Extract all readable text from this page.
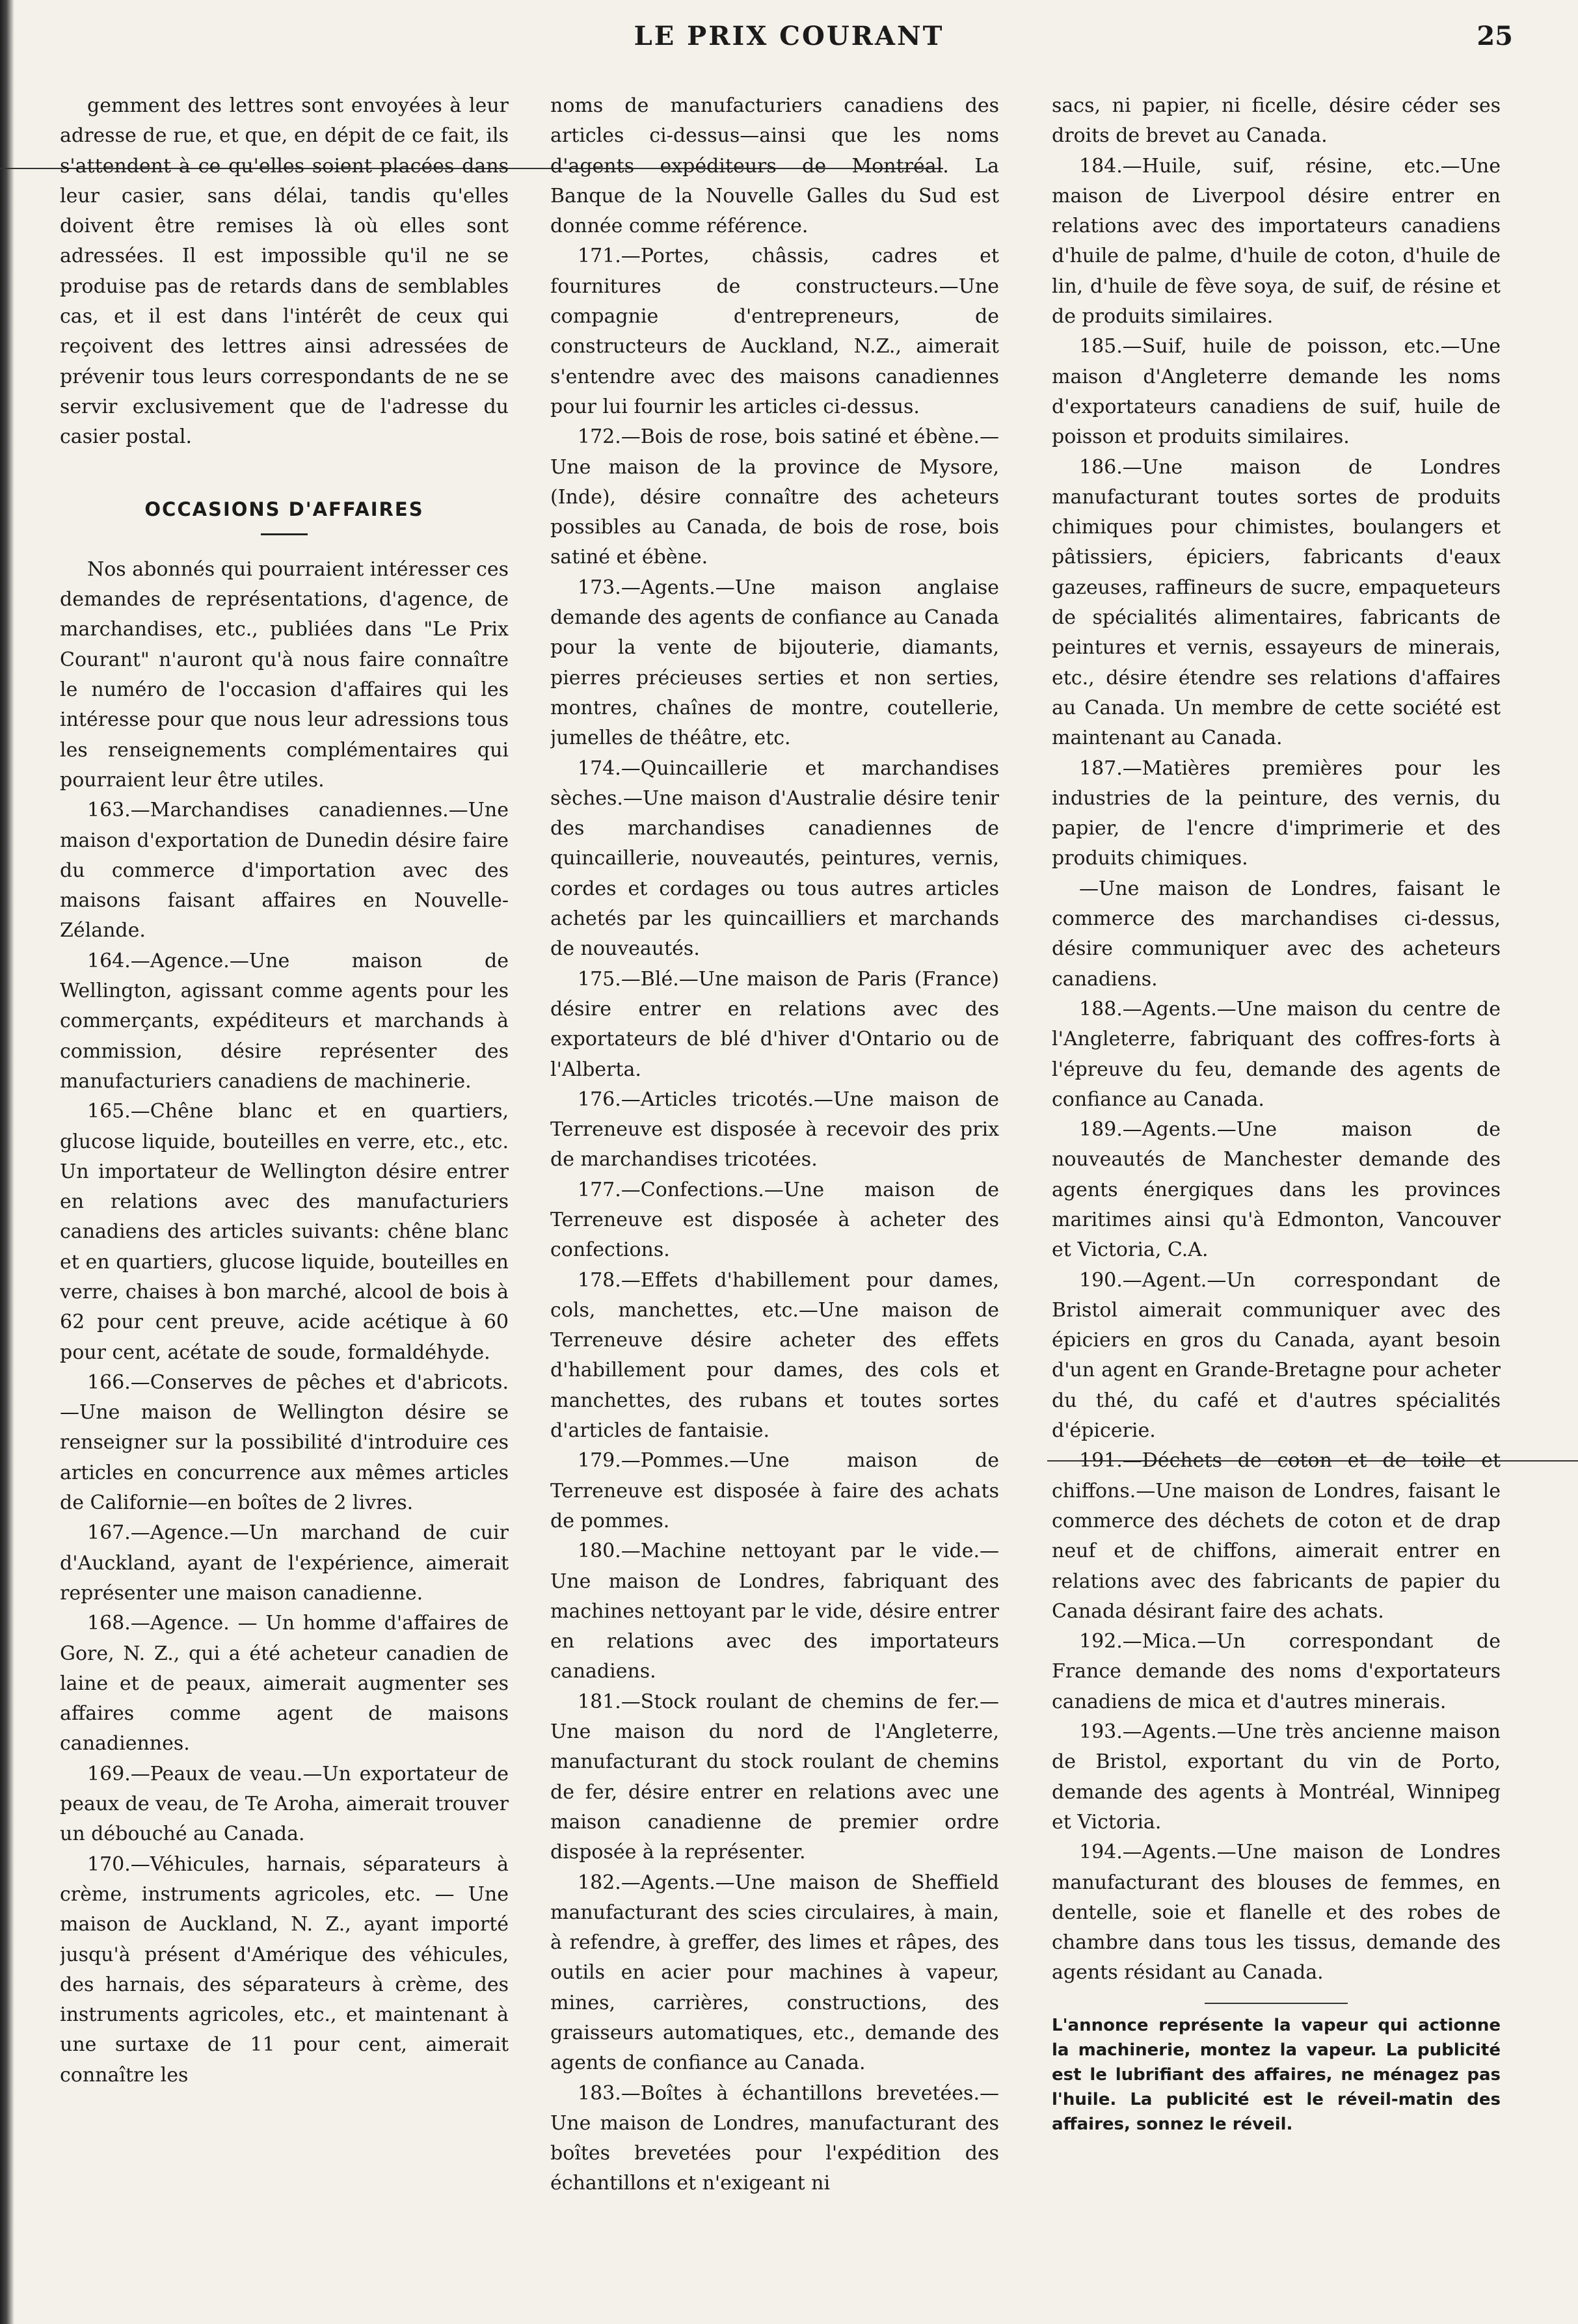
LE PRIX COURANT	25

gemment des lettres sont envoyées à leur adresse de rue, et que, en dépit de ce fait, ils s'attendent à ce qu'elles soient placées dans leur casier, sans délai, tandis qu'elles doivent être remises là où elles sont adressées. Il est impossible qu'il ne se produise pas de retards dans de semblables cas, et il est dans l'intérêt de ceux qui reçoivent des lettres ainsi adressées de prévenir tous leurs correspondants de ne se servir exclusivement que de l'adresse du casier postal.

OCCASIONS D'AFFAIRES

Nos abonnés qui pourraient intéresser ces demandes de représentations, d'agence, de marchandises, etc., publiées dans "Le Prix Courant" n'auront qu'à nous faire connaître le numéro de l'occasion d'affaires qui les intéresse pour que nous leur adressions tous les renseignements complémentaires qui pourraient leur être utiles.

163.—Marchandises canadiennes.—Une maison d'exportation de Dunedin désire faire du commerce d'importation avec des maisons faisant affaires en Nouvelle-Zélande.

164.—Agence.—Une maison de Wellington, agissant comme agents pour les commerçants, expéditeurs et marchands à commission, désire représenter des manufacturiers canadiens de machinerie.

165.—Chêne blanc et en quartiers, glucose liquide, bouteilles en verre, etc., etc. Un importateur de Wellington désire entrer en relations avec des manufacturiers canadiens des articles suivants: chêne blanc et en quartiers, glucose liquide, bouteilles en verre, chaises à bon marché, alcool de bois à 62 pour cent preuve, acide acétique à 60 pour cent, acétate de soude, formaldéhyde.

166.—Conserves de pêches et d'abricots.—Une maison de Wellington désire se renseigner sur la possibilité d'introduire ces articles en concurrence aux mêmes articles de Californie—en boîtes de 2 livres.

167.—Agence.—Un marchand de cuir d'Auckland, ayant de l'expérience, aimerait représenter une maison canadienne.

168.—Agence. — Un homme d'affaires de Gore, N. Z., qui a été acheteur canadien de laine et de peaux, aimerait augmenter ses affaires comme agent de maisons canadiennes.

169.—Peaux de veau.—Un exportateur de peaux de veau, de Te Aroha, aimerait trouver un débouché au Canada.

170.—Véhicules, harnais, séparateurs à crème, instruments agricoles, etc. — Une maison de Auckland, N. Z., ayant importé jusqu'à présent d'Amérique des véhicules, des harnais, des séparateurs à crème, des instruments agricoles, etc., et maintenant à une surtaxe de 11 pour cent, aimerait connaître les

noms de manufacturiers canadiens des articles ci-dessus—ainsi que les noms d'agents expéditeurs de Montréal. La Banque de la Nouvelle Galles du Sud est donnée comme référence.

171.—Portes, châssis, cadres et fournitures de constructeurs.—Une compagnie d'entrepreneurs, de constructeurs de Auckland, N.Z., aimerait s'entendre avec des maisons canadiennes pour lui fournir les articles ci-dessus.

172.—Bois de rose, bois satiné et ébène.—Une maison de la province de Mysore, (Inde), désire connaître des acheteurs possibles au Canada, de bois de rose, bois satiné et ébène.

173.—Agents.—Une maison anglaise demande des agents de confiance au Canada pour la vente de bijouterie, diamants, pierres précieuses serties et non serties, montres, chaînes de montre, coutellerie, jumelles de théâtre, etc.

174.—Quincaillerie et marchandises sèches.—Une maison d'Australie désire tenir des marchandises canadiennes de quincaillerie, nouveautés, peintures, vernis, cordes et cordages ou tous autres articles achetés par les quincailliers et marchands de nouveautés.

175.—Blé.—Une maison de Paris (France) désire entrer en relations avec des exportateurs de blé d'hiver d'Ontario ou de l'Alberta.

176.—Articles tricotés.—Une maison de Terreneuve est disposée à recevoir des prix de marchandises tricotées.

177.—Confections.—Une maison de Terreneuve est disposée à acheter des confections.

178.—Effets d'habillement pour dames, cols, manchettes, etc.—Une maison de Terreneuve désire acheter des effets d'habillement pour dames, des cols et manchettes, des rubans et toutes sortes d'articles de fantaisie.

179.—Pommes.—Une maison de Terreneuve est disposée à faire des achats de pommes.

180.—Machine nettoyant par le vide.—Une maison de Londres, fabriquant des machines nettoyant par le vide, désire entrer en relations avec des importateurs canadiens.

181.—Stock roulant de chemins de fer.—Une maison du nord de l'Angleterre, manufacturant du stock roulant de chemins de fer, désire entrer en relations avec une maison canadienne de premier ordre disposée à la représenter.

182.—Agents.—Une maison de Sheffield manufacturant des scies circulaires, à main, à refendre, à greffer, des limes et râpes, des outils en acier pour machines à vapeur, mines, carrières, constructions, des graisseurs automatiques, etc., demande des agents de confiance au Canada.

183.—Boîtes à échantillons brevetées.—Une maison de Londres, manufacturant des boîtes brevetées pour l'expédition des échantillons et n'exigeant ni

sacs, ni papier, ni ficelle, désire céder ses droits de brevet au Canada.

184.—Huile, suif, résine, etc.—Une maison de Liverpool désire entrer en relations avec des importateurs canadiens d'huile de palme, d'huile de coton, d'huile de lin, d'huile de fève soya, de suif, de résine et de produits similaires.

185.—Suif, huile de poisson, etc.—Une maison d'Angleterre demande les noms d'exportateurs canadiens de suif, huile de poisson et produits similaires.

186.—Une maison de Londres manufacturant toutes sortes de produits chimiques pour chimistes, boulangers et pâtissiers, épiciers, fabricants d'eaux gazeuses, raffineurs de sucre, empaqueteurs de spécialités alimentaires, fabricants de peintures et vernis, essayeurs de minerais, etc., désire étendre ses relations d'affaires au Canada. Un membre de cette société est maintenant au Canada.

187.—Matières premières pour les industries de la peinture, des vernis, du papier, de l'encre d'imprimerie et des produits chimiques.

—Une maison de Londres, faisant le commerce des marchandises ci-dessus, désire communiquer avec des acheteurs canadiens.

188.—Agents.—Une maison du centre de l'Angleterre, fabriquant des coffres-forts à l'épreuve du feu, demande des agents de confiance au Canada.

189.—Agents.—Une maison de nouveautés de Manchester demande des agents énergiques dans les provinces maritimes ainsi qu'à Edmonton, Vancouver et Victoria, C.A.

190.—Agent.—Un correspondant de Bristol aimerait communiquer avec des épiciers en gros du Canada, ayant besoin d'un agent en Grande-Bretagne pour acheter du thé, du café et d'autres spécialités d'épicerie.

191.—Déchets de coton et de toile et chiffons.—Une maison de Londres, faisant le commerce des déchets de coton et de drap neuf et de chiffons, aimerait entrer en relations avec des fabricants de papier du Canada désirant faire des achats.

192.—Mica.—Un correspondant de France demande des noms d'exportateurs canadiens de mica et d'autres minerais.

193.—Agents.—Une très ancienne maison de Bristol, exportant du vin de Porto, demande des agents à Montréal, Winnipeg et Victoria.

194.—Agents.—Une maison de Londres manufacturant des blouses de femmes, en dentelle, soie et flanelle et des robes de chambre dans tous les tissus, demande des agents résidant au Canada.

L'annonce représente la vapeur qui actionne la machinerie, montez la vapeur. La publicité est le lubrifiant des affaires, ne ménagez pas l'huile. La publicité est le réveil-matin des affaires, sonnez le réveil.
